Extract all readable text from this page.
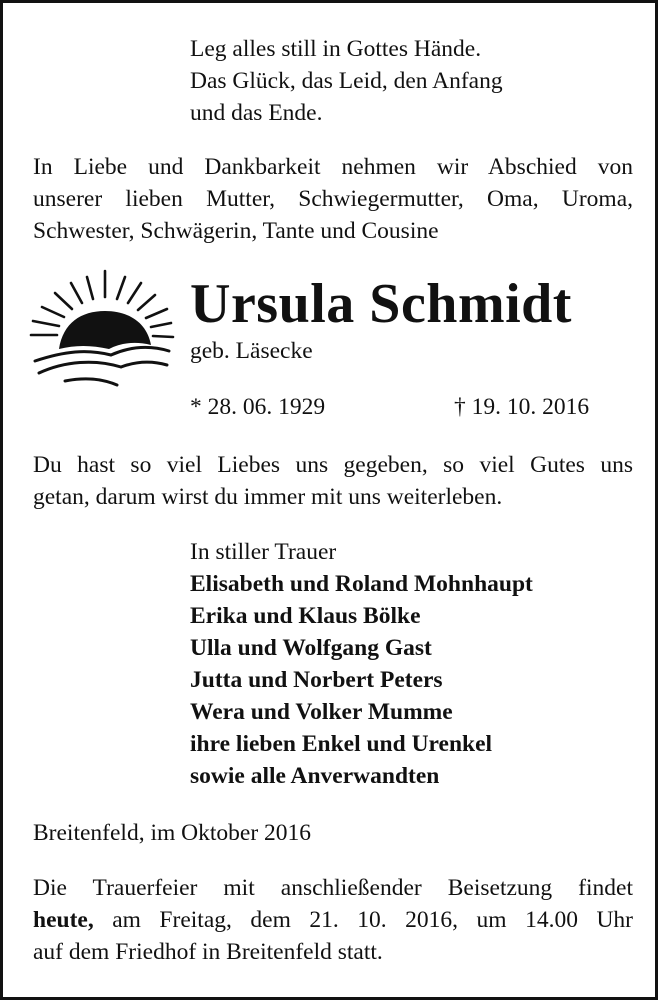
Leg alles still in Gottes Hände.
Das Glück, das Leid, den Anfang
und das Ende.

In Liebe und Dankbarkeit nehmen wir Abschied von
unserer lieben Mutter, Schwiegermutter, Oma, Uroma,
Schwester, Schwägerin, Tante und Cousine

Ursula Schmidt

geb. Läsecke

* 28. 06. 1929	† 19. 10. 2016

Du hast so viel Liebes uns gegeben, so viel Gutes uns
getan, darum wirst du immer mit uns weiterleben.

In stiller Trauer

Elisabeth und Roland Mohnhaupt
Erika und Klaus Bölke
Ulla und Wolfgang Gast
Jutta und Norbert Peters
Wera und Volker Mumme
ihre lieben Enkel und Urenkel
sowie alle Anverwandten

Breitenfeld, im Oktober 2016

Die Trauerfeier mit anschließender Beisetzung findet
heute, am Freitag, dem 21. 10. 2016, um 14.00 Uhr
auf dem Friedhof in Breitenfeld statt.
